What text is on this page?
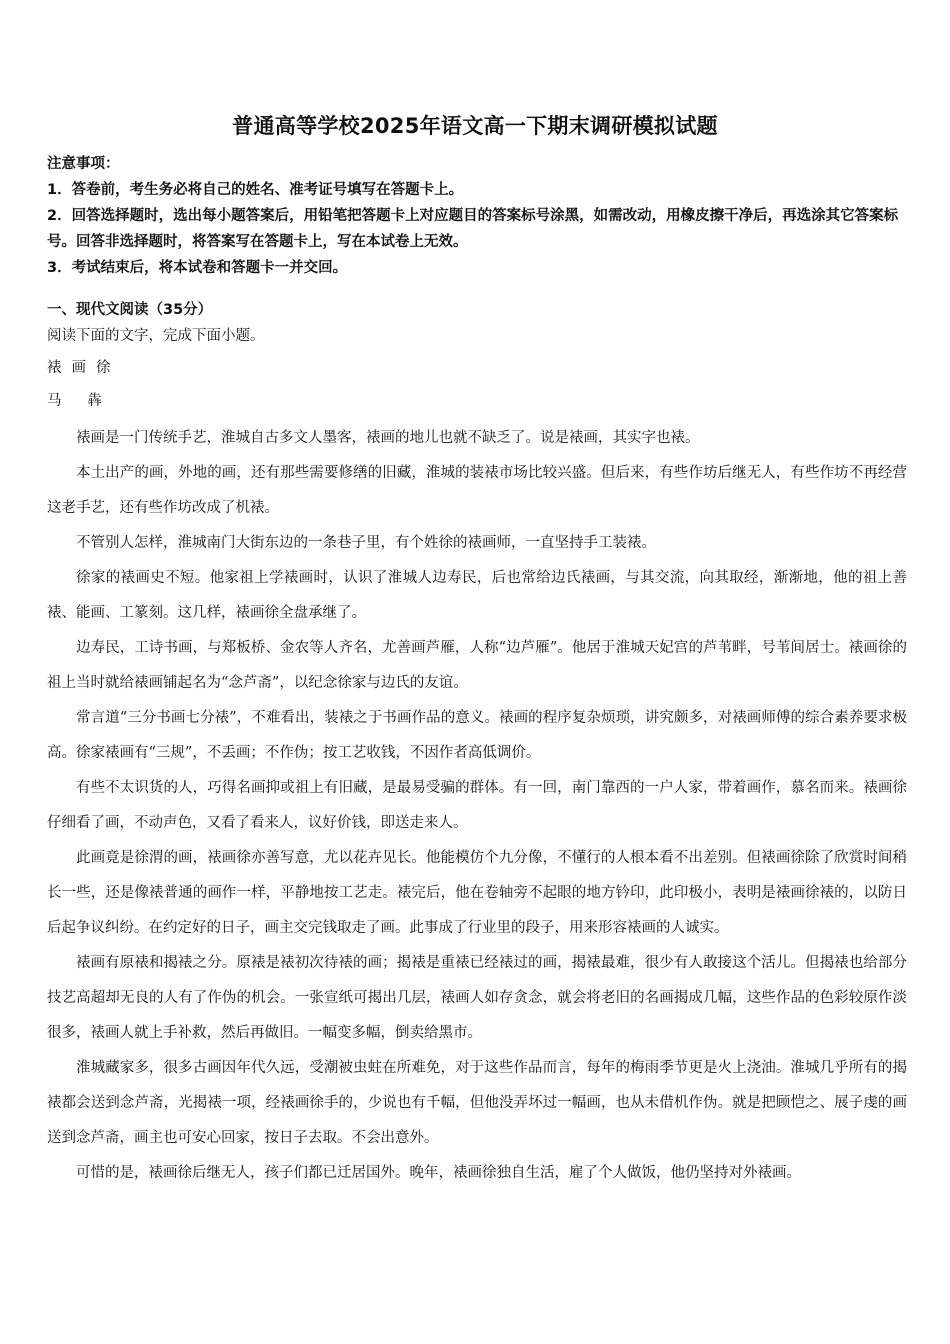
普通高等学校2025年语文高一下期末调研模拟试题

注意事项：

1．答卷前，考生务必将自己的姓名、准考证号填写在答题卡上。

2．回答选择题时，选出每小题答案后，用铅笔把答题卡上对应题目的答案标号涂黑，如需改动，用橡皮擦干净后，再选涂其它答案标号。回答非选择题时，将答案写在答题卡上，写在本试卷上无效。

3．考试结束后，将本试卷和答题卡一并交回。

一、现代文阅读（35分）
阅读下面的文字，完成下面小题。
裱画徐
马犇

裱画是一门传统手艺，淮城自古多文人墨客，裱画的地儿也就不缺乏了。说是裱画，其实字也裱。

本土出产的画，外地的画，还有那些需要修缮的旧藏，淮城的装裱市场比较兴盛。但后来，有些作坊后继无人，有些作坊不再经营这老手艺，还有些作坊改成了机裱。

不管别人怎样，淮城南门大街东边的一条巷子里，有个姓徐的裱画师，一直坚持手工装裱。

徐家的裱画史不短。他家祖上学裱画时，认识了淮城人边寿民，后也常给边氏裱画，与其交流，向其取经，渐渐地，他的祖上善裱、能画、工篆刻。这几样，裱画徐全盘承继了。

边寿民，工诗书画，与郑板桥、金农等人齐名，尤善画芦雁，人称“边芦雁”。他居于淮城天妃宫的芦苇畔，号苇间居士。裱画徐的祖上当时就给裱画铺起名为“念芦斋”，以纪念徐家与边氏的友谊。

常言道“三分书画七分裱”，不难看出，装裱之于书画作品的意义。裱画的程序复杂烦琐，讲究颇多，对裱画师傅的综合素养要求极高。徐家裱画有“三规”，不丢画；不作伪；按工艺收钱，不因作者高低调价。

有些不太识货的人，巧得名画抑或祖上有旧藏，是最易受骗的群体。有一回，南门靠西的一户人家，带着画作，慕名而来。裱画徐仔细看了画，不动声色，又看了看来人，议好价钱，即送走来人。

此画竟是徐渭的画，裱画徐亦善写意，尤以花卉见长。他能模仿个九分像，不懂行的人根本看不出差别。但裱画徐除了欣赏时间稍长一些，还是像裱普通的画作一样，平静地按工艺走。裱完后，他在卷轴旁不起眼的地方钤印，此印极小，表明是裱画徐裱的，以防日后起争议纠纷。在约定好的日子，画主交完钱取走了画。此事成了行业里的段子，用来形容裱画的人诚实。

裱画有原裱和揭裱之分。原裱是裱初次待裱的画；揭裱是重裱已经裱过的画，揭裱最难，很少有人敢接这个活儿。但揭裱也给部分技艺高超却无良的人有了作伪的机会。一张宣纸可揭出几层，裱画人如存贪念，就会将老旧的名画揭成几幅，这些作品的色彩较原作淡很多，裱画人就上手补救，然后再做旧。一幅变多幅，倒卖给黑市。

淮城藏家多，很多古画因年代久远，受潮被虫蛀在所难免，对于这些作品而言，每年的梅雨季节更是火上浇油。淮城几乎所有的揭裱都会送到念芦斋，光揭裱一项，经裱画徐手的，少说也有千幅，但他没弄坏过一幅画，也从未借机作伪。就是把顾恺之、展子虔的画送到念芦斋，画主也可安心回家，按日子去取。不会出意外。

可惜的是，裱画徐后继无人，孩子们都已迁居国外。晚年，裱画徐独自生活，雇了个人做饭，他仍坚持对外裱画。
